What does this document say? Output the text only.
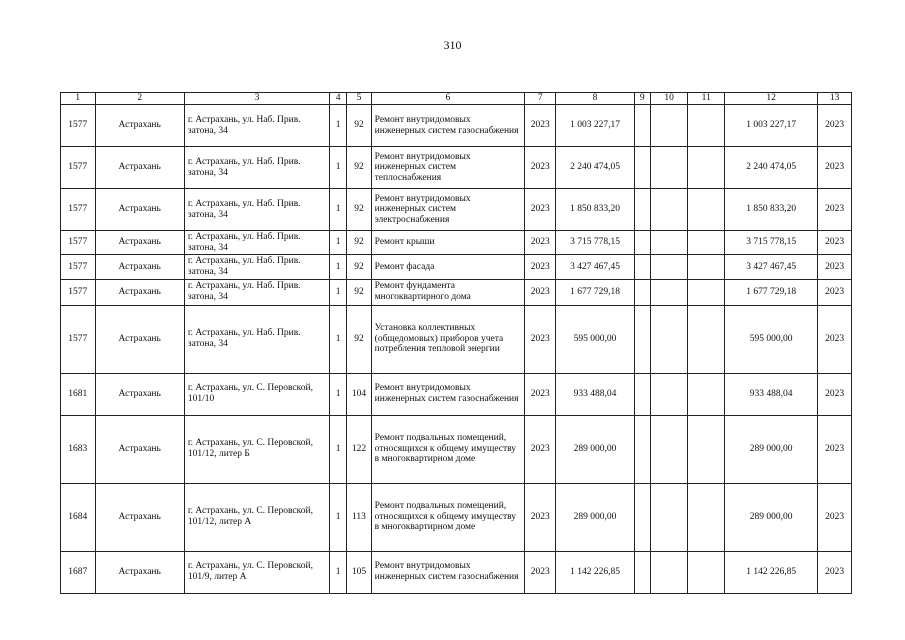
310
1	2	3	4	5	6	7	8	9	10	11	12	13
1577	Астрахань	г. Астрахань, ул. Наб. Прив. затона, 34	1	92	Ремонт внутридомовых инженерных систем газоснабжения	2023	1 003 227,17				1 003 227,17	2023
1577	Астрахань	г. Астрахань, ул. Наб. Прив. затона, 34	1	92	Ремонт внутридомовых инженерных систем теплоснабжения	2023	2 240 474,05				2 240 474,05	2023
1577	Астрахань	г. Астрахань, ул. Наб. Прив. затона, 34	1	92	Ремонт внутридомовых инженерных систем электроснабжения	2023	1 850 833,20				1 850 833,20	2023
1577	Астрахань	г. Астрахань, ул. Наб. Прив. затона, 34	1	92	Ремонт крыши	2023	3 715 778,15				3 715 778,15	2023
1577	Астрахань	г. Астрахань, ул. Наб. Прив. затона, 34	1	92	Ремонт фасада	2023	3 427 467,45				3 427 467,45	2023
1577	Астрахань	г. Астрахань, ул. Наб. Прив. затона, 34	1	92	Ремонт фундамента многоквартирного дома	2023	1 677 729,18				1 677 729,18	2023
1577	Астрахань	г. Астрахань, ул. Наб. Прив. затона, 34	1	92	Установка коллективных (общедомовых) приборов учета потребления тепловой энергии	2023	595 000,00				595 000,00	2023
1681	Астрахань	г. Астрахань, ул. С. Перовской, 101/10	1	104	Ремонт внутридомовых инженерных систем газоснабжения	2023	933 488,04				933 488,04	2023
1683	Астрахань	г. Астрахань, ул. С. Перовской, 101/12, литер Б	1	122	Ремонт подвальных помещений, относящихся к общему имуществу в многоквартирном доме	2023	289 000,00				289 000,00	2023
1684	Астрахань	г. Астрахань, ул. С. Перовской, 101/12, литер А	1	113	Ремонт подвальных помещений, относящихся к общему имуществу в многоквартирном доме	2023	289 000,00				289 000,00	2023
1687	Астрахань	г. Астрахань, ул. С. Перовской, 101/9, литер А	1	105	Ремонт внутридомовых инженерных систем газоснабжения	2023	1 142 226,85				1 142 226,85	2023
